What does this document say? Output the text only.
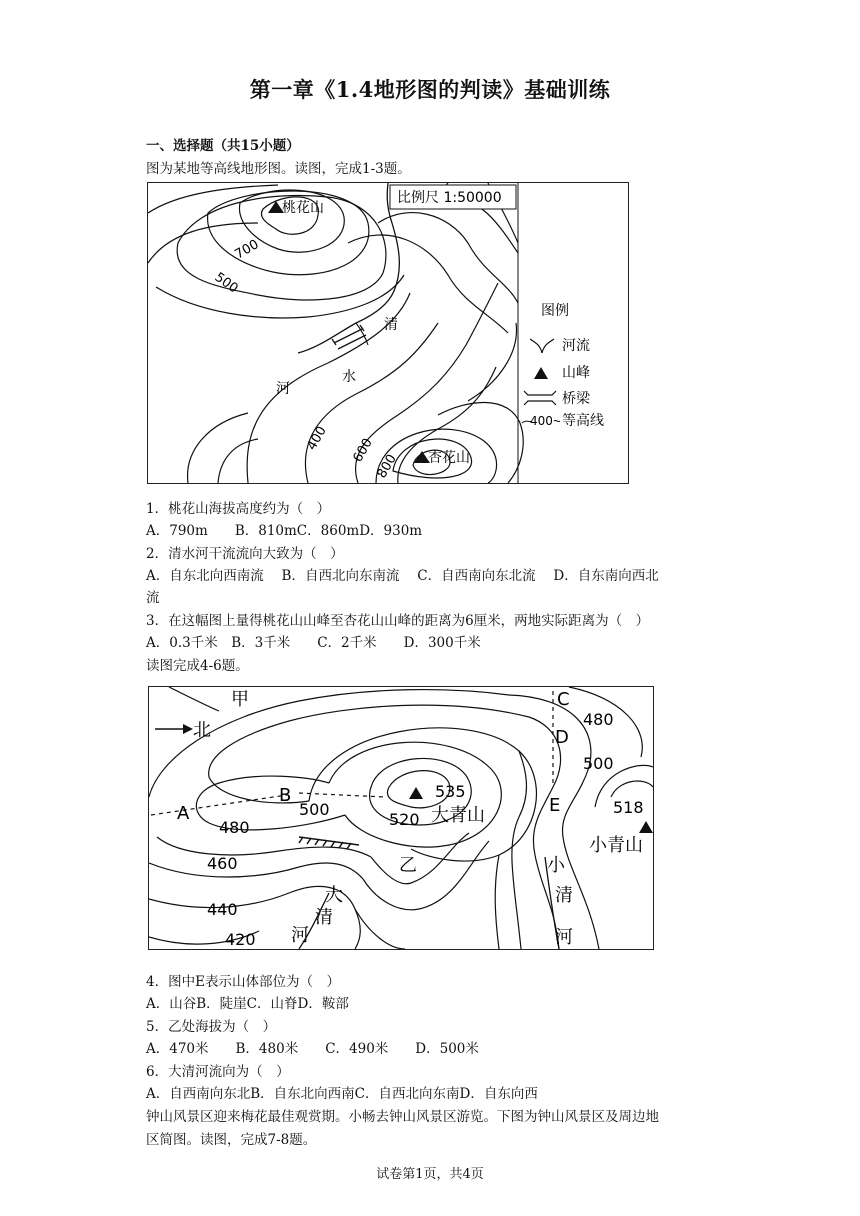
第一章《1.4地形图的判读》基础训练
一、选择题（共15小题）
图为某地等高线地形图。读图，完成1-3题。
比例尺 1:50000
桃花山
杏花山
700
500
400 600
800
清
河
水
图例
河流
山峰
桥梁
400 等高线
1．桃花山海拔高度约为（　）
A．790m　　B．810mC．860mD．930m
2．清水河干流流向大致为（　）
A．自东北向西南流　 B．自西北向东南流　 C．自西南向东北流　 D．自东南向西北
流
3．在这幅图上量得桃花山山峰至杏花山山峰的距离为6厘米，两地实际距离为（　）
A．0.3千米　B．3千米　　C．2千米　　D．300千米
读图完成4-6题。
北
甲	C
D
A
B	E
乙
480
500
520
535
460
440
420
500
480
518
大青山
小青山
大
清
河
小
清
河
4．图中E表示山体部位为（　）
A．山谷B．陡崖C．山脊D．鞍部
5．乙处海拔为（　）
A．470米　　B．480米　　C．490米　　D．500米
6．大清河流向为（　）
A．自西南向东北B．自东北向西南C．自西北向东南D．自东向西
钟山风景区迎来梅花最佳观赏期。小畅去钟山风景区游览。下图为钟山风景区及周边地
区简图。读图，完成7-8题。
试卷第1页，共4页
